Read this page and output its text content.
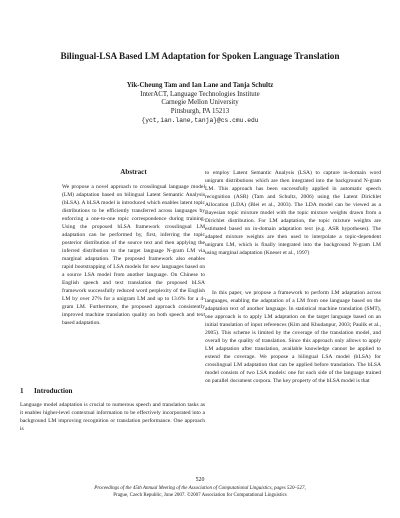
Bilingual-LSA Based LM Adaptation for Spoken Language Translation
Yik-Cheung Tam and Ian Lane and Tanja Schultz
InterACT, Language Technologies Institute
Carnegie Mellon University
Pittsburgh, PA 15213
{yct,ian.lane,tanja}@cs.cmu.edu
Abstract
We propose a novel approach to crosslingual language model (LM) adaptation based on bilingual Latent Semantic Analysis (bLSA). A bLSA model is introduced which enables latent topic distributions to be efficiently transferred across languages by enforcing a one-to-one topic correspondence during training. Using the proposed bLSA framework crosslingual LM adaptation can be performed by, first, inferring the topic posterior distribution of the source text and then applying the inferred distribution to the target language N-gram LM via marginal adaptation. The proposed framework also enables rapid bootstrapping of LSA models for new languages based on a source LSA model from another language. On Chinese to English speech and text translation the proposed bLSA framework successfully reduced word perplexity of the English LM by over 27% for a unigram LM and up to 13.6% for a 4-gram LM. Furthermore, the proposed approach consistently improved machine translation quality on both speech and text based adaptation.
1 Introduction
Language model adaptation is crucial to numerous speech and translation tasks as it enables higher-level contextual information to be effectively incorporated into a background LM improving recognition or translation performance. One approach is
to employ Latent Semantic Analysis (LSA) to capture in-domain word unigram distributions which are then integrated into the background N-gram LM. This approach has been successfully applied in automatic speech recognition (ASR) (Tam and Schultz, 2006) using the Latent Dirichlet Allocation (LDA) (Blei et al., 2003). The LDA model can be viewed as a Bayesian topic mixture model with the topic mixture weights drawn from a Dirichlet distribution. For LM adaptation, the topic mixture weights are estimated based on in-domain adaptation text (e.g. ASR hypotheses). The adapted mixture weights are then used to interpolate a topic-dependent unigram LM, which is finally integrated into the background N-gram LM using marginal adaptation (Kneser et al., 1997)
In this paper, we propose a framework to perform LM adaptation across languages, enabling the adaptation of a LM from one language based on the adaptation text of another language. In statistical machine translation (SMT), one approach is to apply LM adaptation on the target language based on an initial translation of input references (Kim and Khudanpur, 2003; Paulik et al., 2005). This scheme is limited by the coverage of the translation model, and overall by the quality of translation. Since this approach only allows to apply LM adaptation after translation, available knowledge cannot be applied to extend the coverage. We propose a bilingual LSA model (bLSA) for crosslingual LM adaptation that can be applied before translation. The bLSA model consists of two LSA models: one for each side of the language trained on parallel document corpora. The key property of the bLSA model is that
520
Proceedings of the 45th Annual Meeting of the Association of Computational Linguistics, pages 520–527,
Prague, Czech Republic, June 2007. ©2007 Association for Computational Linguistics
